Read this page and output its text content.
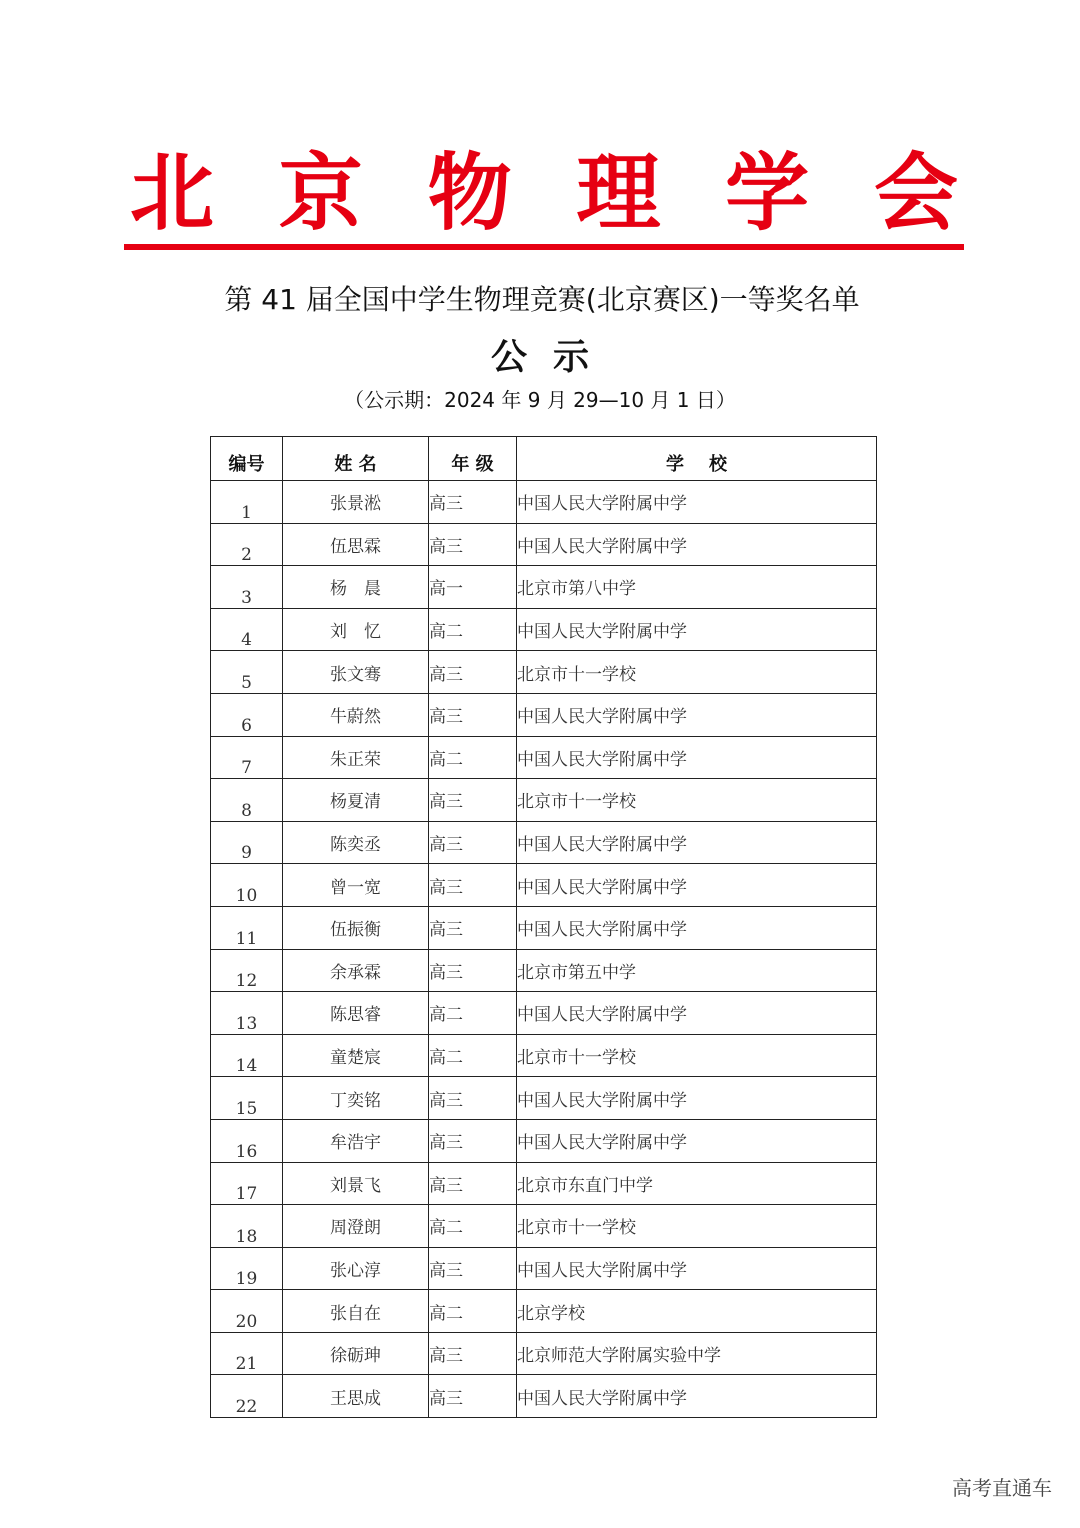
北 京 物 理 学 会
第 41 届全国中学生物理竞赛(北京赛区)一等奖名单
公示
（公示期：2024 年 9 月 29—10 月 1 日）
编号	姓 名	年 级	学    校
1	张景淞	高三	中国人民大学附属中学
2	伍思霖	高三	中国人民大学附属中学
3	杨　晨	高一	北京市第八中学
4	刘　忆	高二	中国人民大学附属中学
5	张文骞	高三	北京市十一学校
6	牛蔚然	高三	中国人民大学附属中学
7	朱正荣	高二	中国人民大学附属中学
8	杨夏清	高三	北京市十一学校
9	陈奕丞	高三	中国人民大学附属中学
10	曾一宽	高三	中国人民大学附属中学
11	伍振衡	高三	中国人民大学附属中学
12	余承霖	高三	北京市第五中学
13	陈思睿	高二	中国人民大学附属中学
14	童楚宸	高二	北京市十一学校
15	丁奕铭	高三	中国人民大学附属中学
16	牟浩宇	高三	中国人民大学附属中学
17	刘景飞	高三	北京市东直门中学
18	周澄朗	高二	北京市十一学校
19	张心淳	高三	中国人民大学附属中学
20	张自在	高二	北京学校
21	徐砺珅	高三	北京师范大学附属实验中学
22	王思成	高三	中国人民大学附属中学
高考直通车
